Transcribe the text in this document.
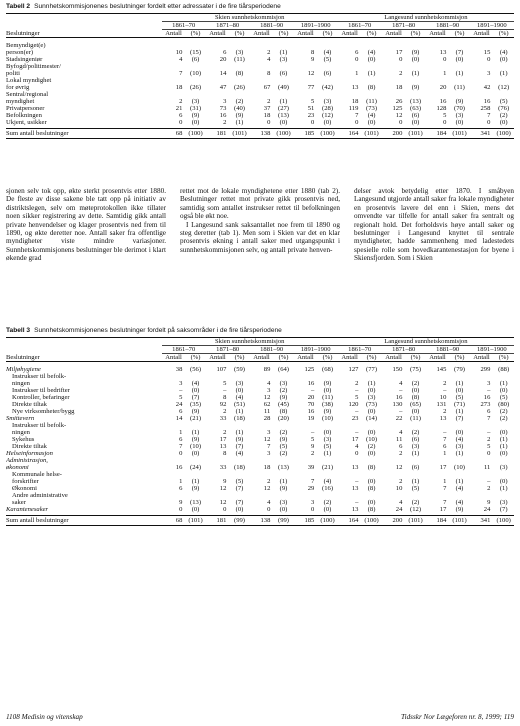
Tabell 2 Sunnhetskommisjonenes beslutninger fordelt etter adressater i de fire tiårsperiodene
	Skien sunnhetskommisjon								Langesund sunnhetskommisjon							
	1861–70		1871–80		1881–90		1891–1900		1861–70		1871–80		1881–90		1891–1900	
Beslutninger	Antall	(%)	Antall	(%)	Antall	(%)	Antall	(%)	Antall	(%)	Antall	(%)	Antall	(%)	Antall	(%)

Bemyndiget(e)																
person(er)	10	(15)	6	(3)	2	(1)	8	(4)	6	(4)	17	(9)	13	(7)	15	(4)
Stadsingeniør	4	(6)	20	(11)	4	(3)	9	(5)	0	(0)	0	(0)	0	(0)	0	(0)
Byfogd/politimester/																
politi	7	(10)	14	(8)	8	(6)	12	(6)	1	(1)	2	(1)	1	(1)	3	(1)
Lokal myndighet																
for øvrig	18	(26)	47	(26)	67	(49)	77	(42)	13	(8)	18	(9)	20	(11)	42	(12)
Sentral/regional																
myndighet	2	(3)	3	(2)	2	(1)	5	(3)	18	(11)	26	(13)	16	(9)	16	(5)
Privatpersoner	21	(31)	73	(40)	37	(27)	51	(28)	119	(73)	125	(63)	128	(70)	258	(76)
Befolkningen	6	(9)	16	(9)	18	(13)	23	(12)	7	(4)	12	(6)	5	(3)	7	(2)
Ukjent, usikker	0	(0)	2	(1)	0	(0)	0	(0)	0	(0)	0	(0)	0	(0)	0	(0)

Sum antall beslutninger	68	(100)	181	(101)	138	(100)	185	(100)	164	(101)	200	(101)	184	(101)	341	(100)

sjonen selv tok opp, økte sterkt prosentvis etter 1880. De fleste av disse sakene ble tatt opp på initiativ av distriktslegen, selv om møteprotokollen ikke tillater noen sikker registrering av dette. Samtidig gikk antall private henvendelser og klager prosentvis ned frem til 1890, og økte deretter noe. Antall saker fra offentlige myndigheter viste mindre variasjoner. Sunnhetskommisjonens beslutninger ble derimot i klart økende grad

rettet mot de lokale myndighetene etter 1880 (tab 2). Beslutninger rettet mot private gikk prosentvis ned, samtidig som antallet instrukser rettet til befolkningen også ble økt noe.

I Langesund sank saksantallet noe frem til 1890 og steg deretter (tab 1). Men som i Skien var det en klar prosentvis økning i antall saker med utgangspunkt i sunnhetskommisjonen selv, og antall private henven-

delser avtok betydelig etter 1870. I småbyen Langesund utgjorde antall saker fra lokale myndigheter en prosentvis lavere del enn i Skien, mens det omvendte var tilfelle for antall saker fra sentralt og regionalt hold. Det forholdsvis høye antall saker og beslutninger i Langesund knyttet til sentrale myndigheter, hadde sammenheng med ladestedets spesielle rolle som hovedkarantenestasjon for byene i Skiensfjorden. Som i Skien

Tabell 3 Sunnhetskommisjonenes beslutninger fordelt på saksområder i de fire tiårsperiodene
	Skien sunnhetskommisjon								Langesund sunnhetskommisjon							
	1861–70		1871–80		1881–90		1891–1900		1861–70		1871–80		1881–90		1891–1900	
Beslutninger	Antall	(%)	Antall	(%)	Antall	(%)	Antall	(%)	Antall	(%)	Antall	(%)	Antall	(%)	Antall	(%)

Miljøhygiene	38	(56)	107	(59)	89	(64)	125	(68)	127	(77)	150	(75)	145	(79)	299	(88)
Instrukser til befolk-																
ningen	3	(4)	5	(3)	4	(3)	16	(9)	2	(1)	4	(2)	2	(1)	3	(1)
Instrukser til bedrifter	–	(0)	–	(0)	3	(2)	–	(0)	–	(0)	–	(0)	–	(0)	–	(0)
Kontroller, befaringer	5	(7)	8	(4)	12	(9)	20	(11)	5	(3)	16	(8)	10	(5)	16	(5)
Direkte tiltak	24	(35)	92	(51)	62	(45)	70	(38)	120	(73)	130	(65)	131	(71)	273	(80)
Nye virksomheter/bygg	6	(9)	2	(1)	11	(8)	16	(9)	–	(0)	–	(0)	2	(1)	6	(2)
Smittevern	14	(21)	33	(18)	28	(20)	19	(10)	23	(14)	22	(11)	13	(7)	7	(2)
Instrukser til befolk-																
ningen	1	(1)	2	(1)	3	(2)	–	(0)	–	(0)	4	(2)	–	(0)	–	(0)
Sykehus	6	(9)	17	(9)	12	(9)	5	(3)	17	(10)	11	(6)	7	(4)	2	(1)
Direkte tiltak	7	(10)	13	(7)	7	(5)	9	(5)	4	(2)	6	(3)	6	(3)	5	(1)
Helseinformasjon	0	(0)	8	(4)	3	(2)	2	(1)	0	(0)	2	(1)	1	(1)	0	(0)
Administrasjon,																
økonomi	16	(24)	33	(18)	18	(13)	39	(21)	13	(8)	12	(6)	17	(10)	11	(3)
Kommunale helse-																
forskrifter	1	(1)	9	(5)	2	(1)	7	(4)	–	(0)	2	(1)	1	(1)	–	(0)
Økonomi	6	(9)	12	(7)	12	(9)	29	(16)	13	(8)	10	(5)	7	(4)	2	(1)
Andre administrative																
saker	9	(13)	12	(7)	4	(3)	3	(2)	–	(0)	4	(2)	7	(4)	9	(3)
Karantenesaker	0	(0)	0	(0)	0	(0)	0	(0)	13	(8)	24	(12)	17	(9)	24	(7)

Sum antall beslutninger	68	(101)	181	(99)	138	(99)	185	(100)	164	(100)	200	(101)	184	(101)	341	(100)
1108 Medisin og vitenskap	Tidsskr Nor Lægeforen nr. 8, 1999; 119
